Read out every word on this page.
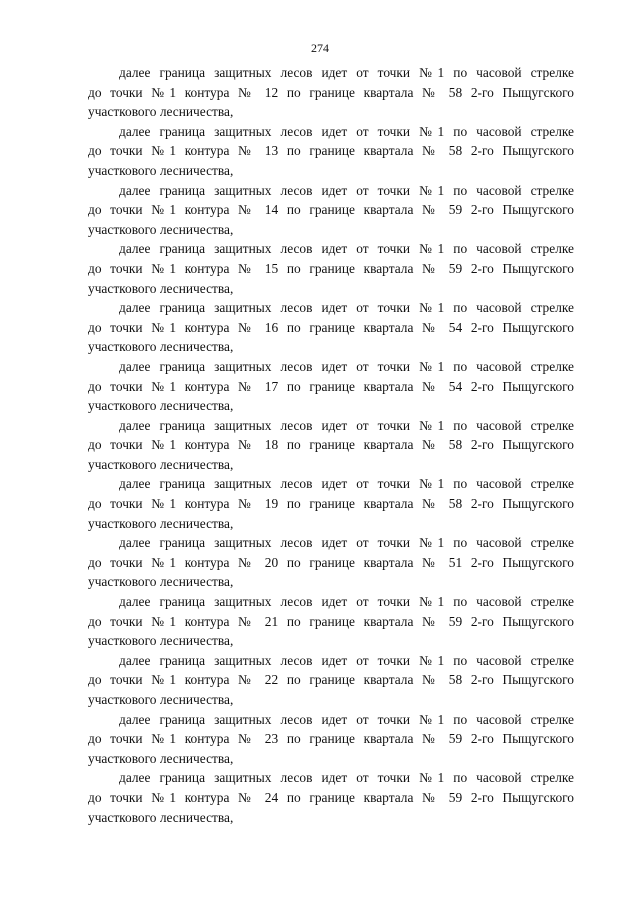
274

далее граница защитных лесов идет от точки №1 по часовой стрелке
до точки №1 контура № 12 по границе квартала № 58 2-го Пыщугского
участкового лесничества,

далее граница защитных лесов идет от точки №1 по часовой стрелке
до точки №1 контура № 13 по границе квартала № 58 2-го Пыщугского
участкового лесничества,

далее граница защитных лесов идет от точки №1 по часовой стрелке
до точки №1 контура № 14 по границе квартала № 59 2-го Пыщугского
участкового лесничества,

далее граница защитных лесов идет от точки №1 по часовой стрелке
до точки №1 контура № 15 по границе квартала № 59 2-го Пыщугского
участкового лесничества,

далее граница защитных лесов идет от точки №1 по часовой стрелке
до точки №1 контура № 16 по границе квартала № 54 2-го Пыщугского
участкового лесничества,

далее граница защитных лесов идет от точки №1 по часовой стрелке
до точки №1 контура № 17 по границе квартала № 54 2-го Пыщугского
участкового лесничества,

далее граница защитных лесов идет от точки №1 по часовой стрелке
до точки №1 контура № 18 по границе квартала № 58 2-го Пыщугского
участкового лесничества,

далее граница защитных лесов идет от точки №1 по часовой стрелке
до точки №1 контура № 19 по границе квартала № 58 2-го Пыщугского
участкового лесничества,

далее граница защитных лесов идет от точки №1 по часовой стрелке
до точки №1 контура № 20 по границе квартала № 51 2-го Пыщугского
участкового лесничества,

далее граница защитных лесов идет от точки №1 по часовой стрелке
до точки №1 контура № 21 по границе квартала № 59 2-го Пыщугского
участкового лесничества,

далее граница защитных лесов идет от точки №1 по часовой стрелке
до точки №1 контура № 22 по границе квартала № 58 2-го Пыщугского
участкового лесничества,

далее граница защитных лесов идет от точки №1 по часовой стрелке
до точки №1 контура № 23 по границе квартала № 59 2-го Пыщугского
участкового лесничества,

далее граница защитных лесов идет от точки №1 по часовой стрелке
до точки №1 контура № 24 по границе квартала № 59 2-го Пыщугского
участкового лесничества,
